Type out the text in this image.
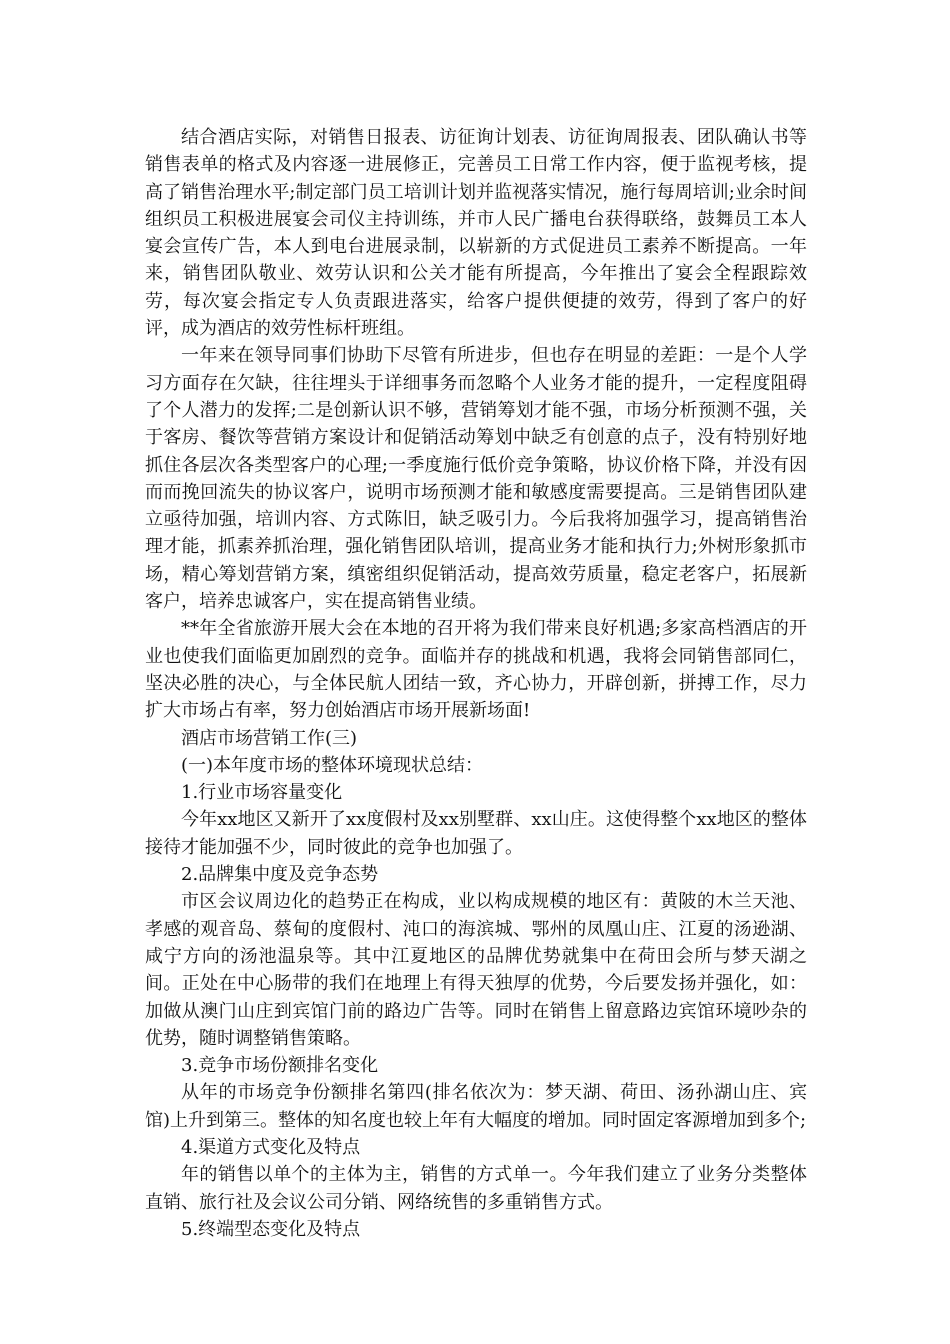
结合酒店实际，对销售日报表、访征询计划表、访征询周报表、团队确认书等销售表单的格式及内容逐一进展修正，完善员工日常工作内容，便于监视考核，提高了销售治理水平;制定部门员工培训计划并监视落实情况，施行每周培训;业余时间组织员工积极进展宴会司仪主持训练，并市人民广播电台获得联络，鼓舞员工本人宴会宣传广告，本人到电台进展录制，以崭新的方式促进员工素养不断提高。一年来，销售团队敬业、效劳认识和公关才能有所提高，今年推出了宴会全程跟踪效劳，每次宴会指定专人负责跟进落实，给客户提供便捷的效劳，得到了客户的好评，成为酒店的效劳性标杆班组。

一年来在领导同事们协助下尽管有所进步，但也存在明显的差距：一是个人学习方面存在欠缺，往往埋头于详细事务而忽略个人业务才能的提升，一定程度阻碍了个人潜力的发挥;二是创新认识不够，营销筹划才能不强，市场分析预测不强，关于客房、餐饮等营销方案设计和促销活动筹划中缺乏有创意的点子，没有特别好地抓住各层次各类型客户的心理;一季度施行低价竞争策略，协议价格下降，并没有因而而挽回流失的协议客户，说明市场预测才能和敏感度需要提高。三是销售团队建立亟待加强，培训内容、方式陈旧，缺乏吸引力。今后我将加强学习，提高销售治理才能，抓素养抓治理，强化销售团队培训，提高业务才能和执行力;外树形象抓市场，精心筹划营销方案，缜密组织促销活动，提高效劳质量，稳定老客户，拓展新客户，培养忠诚客户，实在提高销售业绩。

**年全省旅游开展大会在本地的召开将为我们带来良好机遇;多家高档酒店的开业也使我们面临更加剧烈的竞争。面临并存的挑战和机遇，我将会同销售部同仁，坚决必胜的决心，与全体民航人团结一致，齐心协力，开辟创新，拼搏工作，尽力扩大市场占有率，努力创始酒店市场开展新场面!

酒店市场营销工作(三)

(一)本年度市场的整体环境现状总结：

1.行业市场容量变化

今年xx地区又新开了xx度假村及xx别墅群、xx山庄。这使得整个xx地区的整体接待才能加强不少，同时彼此的竞争也加强了。

2.品牌集中度及竞争态势

市区会议周边化的趋势正在构成，业以构成规模的地区有：黄陂的木兰天池、孝感的观音岛、蔡甸的度假村、沌口的海滨城、鄂州的凤凰山庄、江夏的汤逊湖、咸宁方向的汤池温泉等。其中江夏地区的品牌优势就集中在荷田会所与梦天湖之间。正处在中心肠带的我们在地理上有得天独厚的优势，今后要发扬并强化，如：加做从澳门山庄到宾馆门前的路边广告等。同时在销售上留意路边宾馆环境吵杂的优势，随时调整销售策略。

3.竞争市场份额排名变化

从年的市场竞争份额排名第四(排名依次为：梦天湖、荷田、汤孙湖山庄、宾馆)上升到第三。整体的知名度也较上年有大幅度的增加。同时固定客源增加到多个;

4.渠道方式变化及特点

年的销售以单个的主体为主，销售的方式单一。今年我们建立了业务分类整体直销、旅行社及会议公司分销、网络统售的多重销售方式。

5.终端型态变化及特点
